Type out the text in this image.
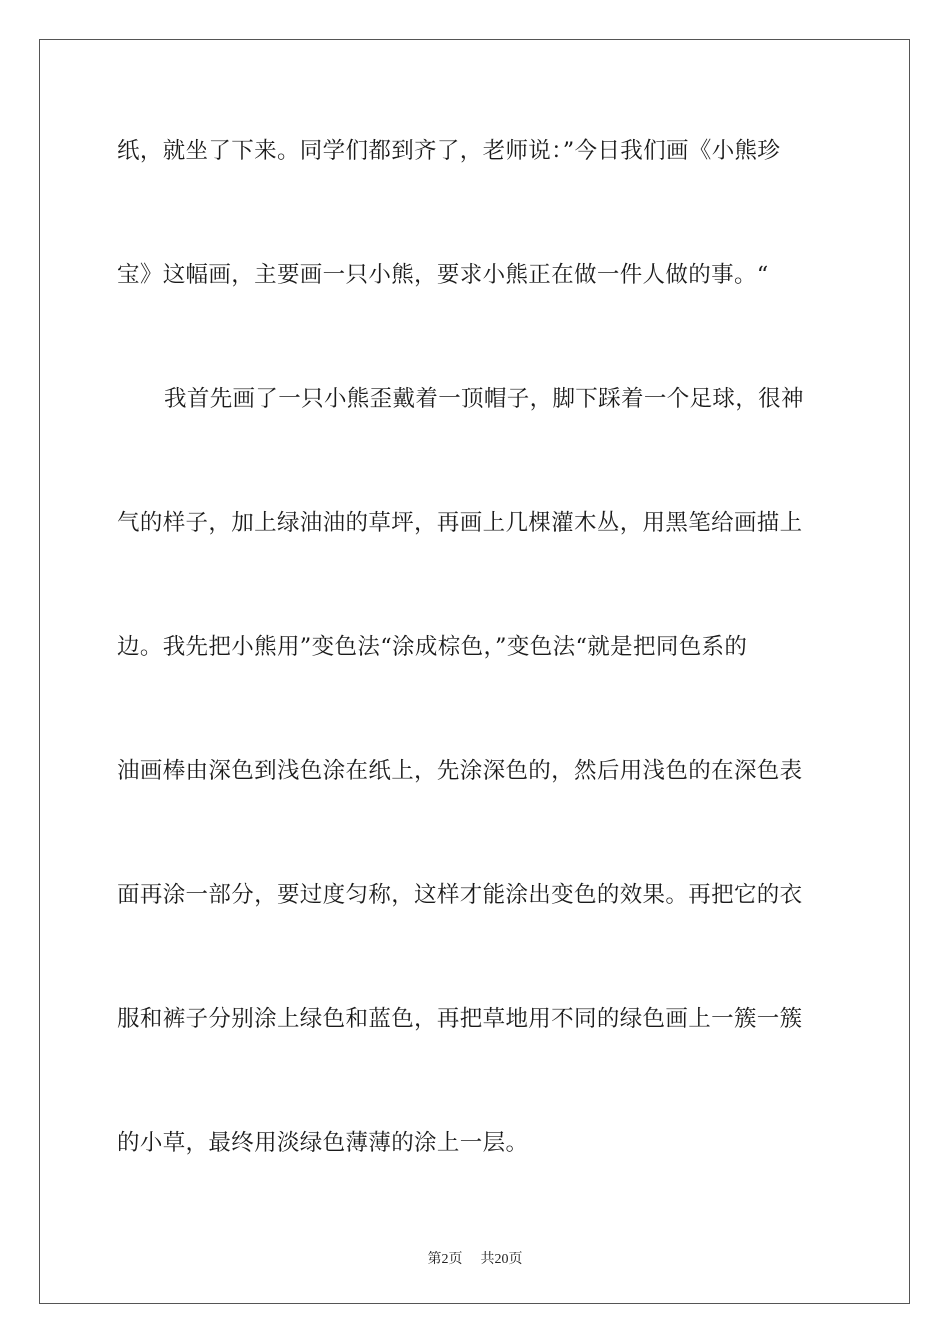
纸，就坐了下来。同学们都到齐了，老师说：”今日我们画《小熊珍
宝》这幅画，主要画一只小熊，要求小熊正在做一件人做的事。“
我首先画了一只小熊歪戴着一顶帽子，脚下踩着一个足球，很神
气的样子，加上绿油油的草坪，再画上几棵灌木丛，用黑笔给画描上
边。我先把小熊用”变色法“涂成棕色，”变色法“就是把同色系的
油画棒由深色到浅色涂在纸上，先涂深色的，然后用浅色的在深色表
面再涂一部分，要过度匀称，这样才能涂出变色的效果。再把它的衣
服和裤子分别涂上绿色和蓝色，再把草地用不同的绿色画上一簇一簇
的小草，最终用淡绿色薄薄的涂上一层。
第2页 共20页
